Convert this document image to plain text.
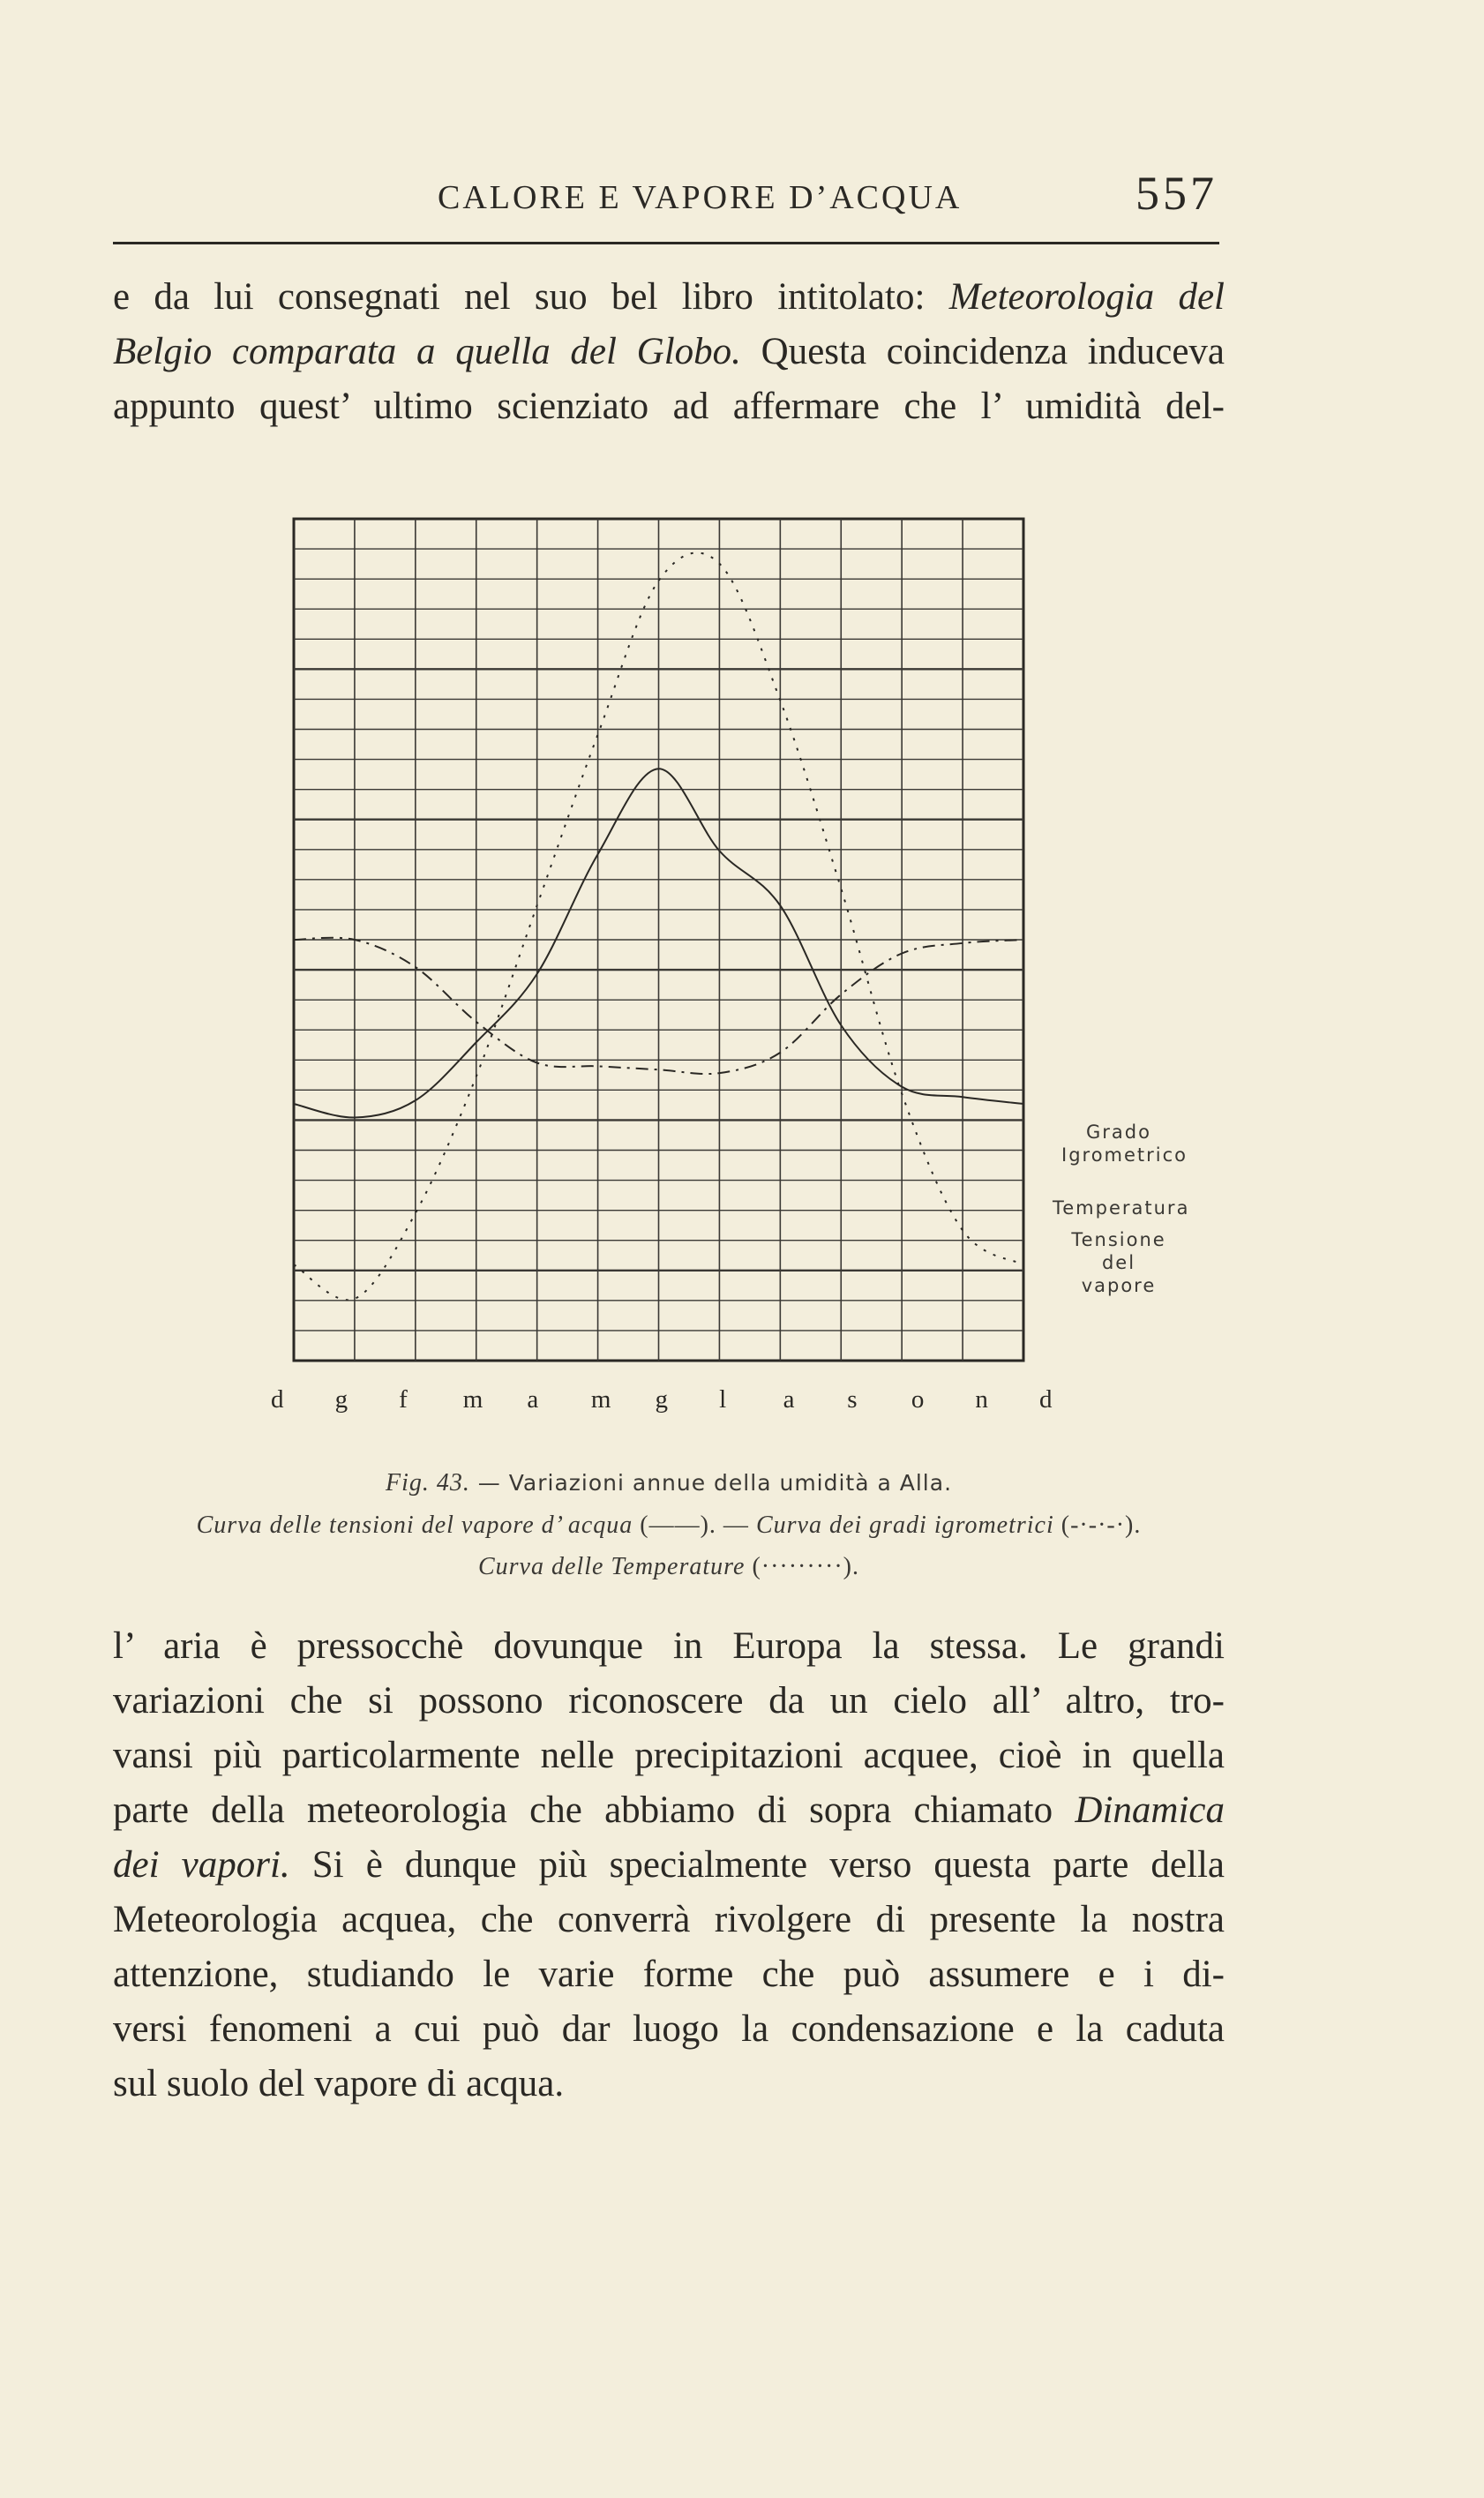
CALORE E VAPORE D’ACQUA	557

e da lui consegnati nel suo bel libro intitolato: Meteorologia del
Belgio comparata a quella del Globo. Questa coincidenza induceva
appunto quest’ ultimo scienziato ad affermare che l’ umidità del-

Grado
Igrometrico
Temperatura
Tensione
del vapore
d g f m a m g l a s o n d
Fig. 43. — Variazioni annue della umidità a Alla.
Curva delle tensioni del vapore d’ acqua (——). — Curva dei gradi igrometrici (-·-·-·).
Curva delle Temperature (·········).

l’ aria è pressocchè dovunque in Europa la stessa. Le grandi
variazioni che si possono riconoscere da un cielo all’ altro, tro-
vansi più particolarmente nelle precipitazioni acquee, cioè in quella
parte della meteorologia che abbiamo di sopra chiamato Dinamica
dei vapori. Si è dunque più specialmente verso questa parte della
Meteorologia acquea, che converrà rivolgere di presente la nostra
attenzione, studiando le varie forme che può assumere e i di-
versi fenomeni a cui può dar luogo la condensazione e la caduta

sul suolo del vapore di acqua.
